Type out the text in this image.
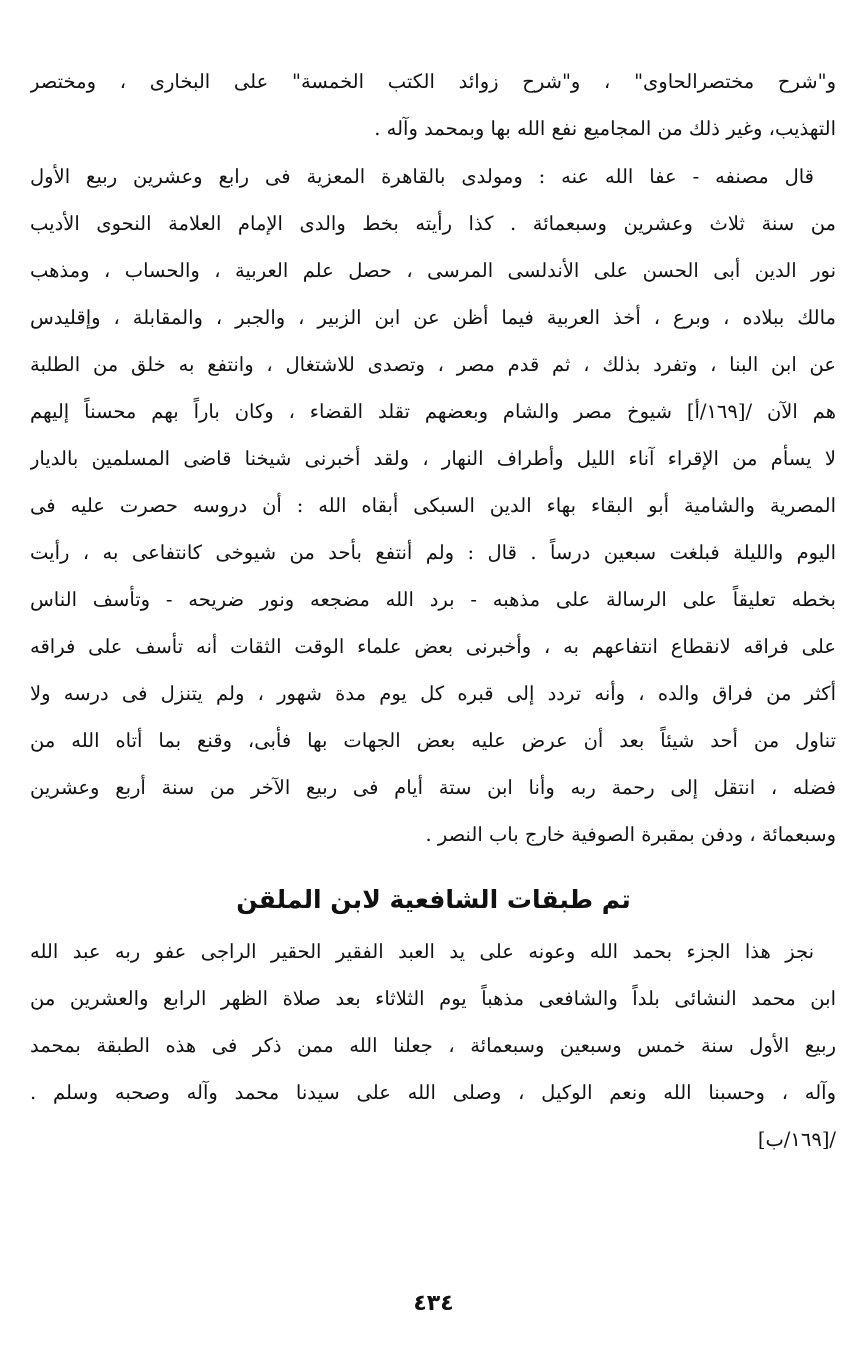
و"شرح مختصرالحاوى" ، و"شرح زوائد الكتب الخمسة" على البخارى ، ومختصر
التهذيب، وغير ذلك من المجاميع نفع الله بها وبمحمد وآله .
قال مصنفه - عفا الله عنه : ومولدى بالقاهرة المعزية فى رابع وعشرين ربيع الأول
من سنة ثلاث وعشرين وسبعمائة . كذا رأيته بخط والدى الإمام العلامة النحوى الأديب
نور الدين أبى الحسن على الأندلسى المرسى ، حصل علم العربية ، والحساب ، ومذهب
مالك ببلاده ، وبرع ، أخذ العربية فيما أظن عن ابن الزبير ، والجبر ، والمقابلة ، وإقليدس
عن ابن البنا ، وتفرد بذلك ، ثم قدم مصر ، وتصدى للاشتغال ، وانتفع به خلق من الطلبة
هم الآن /[١٦٩/أ] شيوخ مصر والشام وبعضهم تقلد القضاء ، وكان باراً بهم محسناً إليهم
لا يسأم من الإقراء آناء الليل وأطراف النهار ، ولقد أخبرنى شيخنا قاضى المسلمين بالديار
المصرية والشامية أبو البقاء بهاء الدين السبكى أبقاه الله : أن دروسه حصرت عليه فى
اليوم والليلة فبلغت سبعين درساً . قال : ولم أنتفع بأحد من شيوخى كانتفاعى به ، رأيت
بخطه تعليقاً على الرسالة على مذهبه - برد الله مضجعه ونور ضريحه - وتأسف الناس
على فراقه لانقطاع انتفاعهم به ، وأخبرنى بعض علماء الوقت الثقات أنه تأسف على فراقه
أكثر من فراق والده ، وأنه تردد إلى قبره كل يوم مدة شهور ، ولم يتنزل فى درسه ولا
تناول من أحد شيئاً بعد أن عرض عليه بعض الجهات بها فأبى، وقنع بما أتاه الله من
فضله ، انتقل إلى رحمة ربه وأنا ابن ستة أيام فى ربيع الآخر من سنة أربع وعشرين
وسبعمائة ، ودفن بمقبرة الصوفية خارج باب النصر .
تم طبقات الشافعية لابن الملقن
نجز هذا الجزء بحمد الله وعونه على يد العبد الفقير الحقير الراجى عفو ربه عبد الله
ابن محمد النشائى بلداً والشافعى مذهباً يوم الثلاثاء بعد صلاة الظهر الرابع والعشرين من
ربيع الأول سنة خمس وسبعين وسبعمائة ، جعلنا الله ممن ذكر فى هذه الطبقة بمحمد
وآله ، وحسبنا الله ونعم الوكيل ، وصلى الله على سيدنا محمد وآله وصحبه وسلم .
/[١٦٩/ب]
٤٣٤
